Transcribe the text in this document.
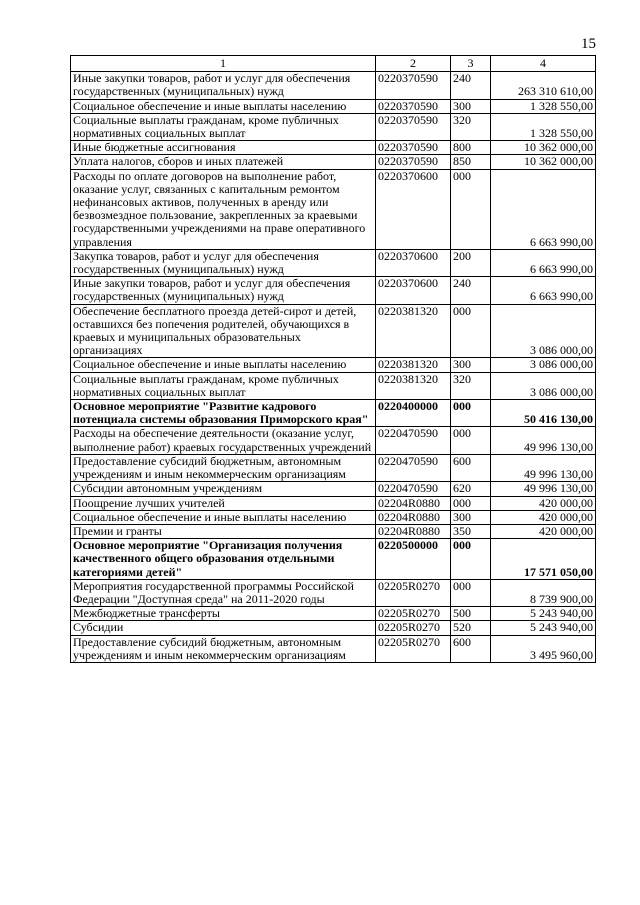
15
1	2	3	4
Иные закупки товаров, работ и услуг для обеспечения государственных (муниципальных) нужд	0220370590	240	263 310 610,00
Социальное обеспечение и иные выплаты населению	0220370590	300	1 328 550,00
Социальные выплаты гражданам, кроме публичных нормативных социальных выплат	0220370590	320	1 328 550,00
Иные бюджетные ассигнования	0220370590	800	10 362 000,00
Уплата налогов, сборов и иных платежей	0220370590	850	10 362 000,00
Расходы по оплате договоров на выполнение работ, оказание услуг, связанных с капитальным ремонтом нефинансовых активов, полученных в аренду или безвозмездное пользование, закрепленных за краевыми государственными учреждениями на праве оперативного управления	0220370600	000	6 663 990,00
Закупка товаров, работ и услуг для обеспечения государственных (муниципальных) нужд	0220370600	200	6 663 990,00
Иные закупки товаров, работ и услуг для обеспечения государственных (муниципальных) нужд	0220370600	240	6 663 990,00
Обеспечение бесплатного проезда детей-сирот и детей, оставшихся без попечения родителей, обучающихся в краевых и муниципальных образовательных организациях	0220381320	000	3 086 000,00
Социальное обеспечение и иные выплаты населению	0220381320	300	3 086 000,00
Социальные выплаты гражданам, кроме публичных нормативных социальных выплат	0220381320	320	3 086 000,00
Основное мероприятие "Развитие кадрового потенциала системы образования Приморского края"	0220400000	000	50 416 130,00
Расходы на обеспечение деятельности (оказание услуг, выполнение работ) краевых государственных учреждений	0220470590	000	49 996 130,00
Предоставление субсидий бюджетным, автономным учреждениям и иным некоммерческим организациям	0220470590	600	49 996 130,00
Субсидии автономным учреждениям	0220470590	620	49 996 130,00
Поощрение лучших учителей	02204R0880	000	420 000,00
Социальное обеспечение и иные выплаты населению	02204R0880	300	420 000,00
Премии и гранты	02204R0880	350	420 000,00
Основное мероприятие "Организация получения качественного общего образования отдельными категориями детей"	0220500000	000	17 571 050,00
Мероприятия государственной программы Российской Федерации "Доступная среда" на 2011-2020 годы	02205R0270	000	8 739 900,00
Межбюджетные трансферты	02205R0270	500	5 243 940,00
Субсидии	02205R0270	520	5 243 940,00
Предоставление субсидий бюджетным, автономным учреждениям и иным некоммерческим организациям	02205R0270	600	3 495 960,00
